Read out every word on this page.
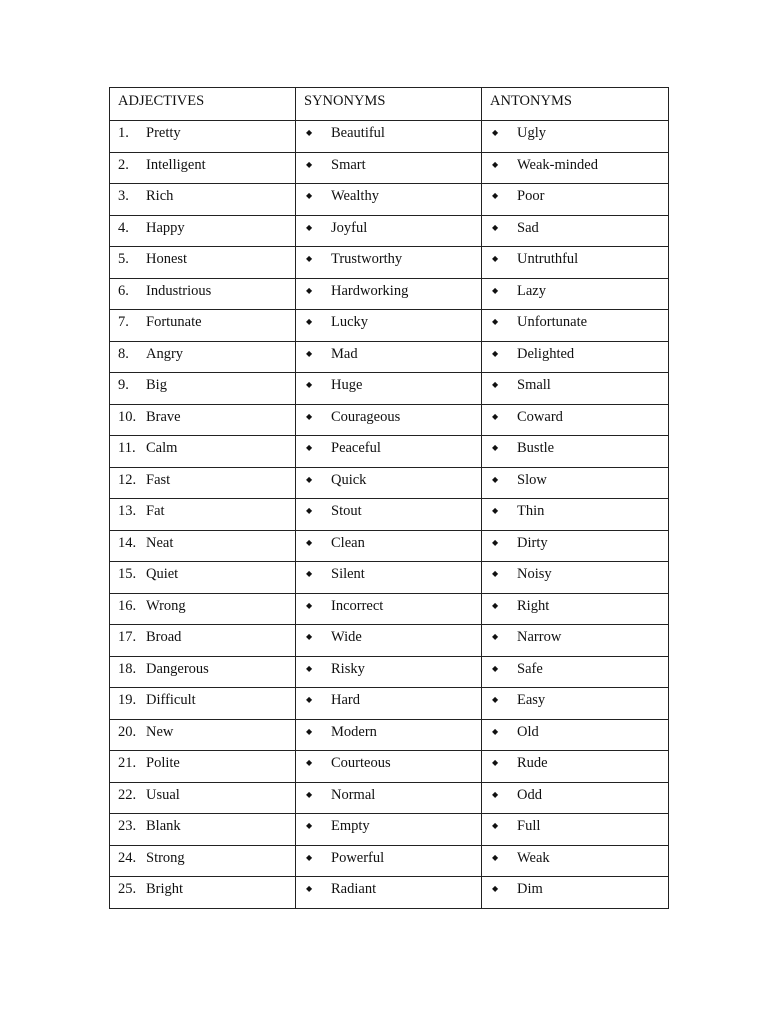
ADJECTIVES	SYNONYMS	ANTONYMS
1. Pretty	◆ Beautiful	◆ Ugly
2. Intelligent	◆ Smart	◆ Weak-minded
3. Rich	◆ Wealthy	◆ Poor
4. Happy	◆ Joyful	◆ Sad
5. Honest	◆ Trustworthy	◆ Untruthful
6. Industrious	◆ Hardworking	◆ Lazy
7. Fortunate	◆ Lucky	◆ Unfortunate
8. Angry	◆ Mad	◆ Delighted
9. Big	◆ Huge	◆ Small
10. Brave	◆ Courageous	◆ Coward
11. Calm	◆ Peaceful	◆ Bustle
12. Fast	◆ Quick	◆ Slow
13. Fat	◆ Stout	◆ Thin
14. Neat	◆ Clean	◆ Dirty
15. Quiet	◆ Silent	◆ Noisy
16. Wrong	◆ Incorrect	◆ Right
17. Broad	◆ Wide	◆ Narrow
18. Dangerous	◆ Risky	◆ Safe
19. Difficult	◆ Hard	◆ Easy
20. New	◆ Modern	◆ Old
21. Polite	◆ Courteous	◆ Rude
22. Usual	◆ Normal	◆ Odd
23. Blank	◆ Empty	◆ Full
24. Strong	◆ Powerful	◆ Weak
25. Bright	◆ Radiant	◆ Dim
